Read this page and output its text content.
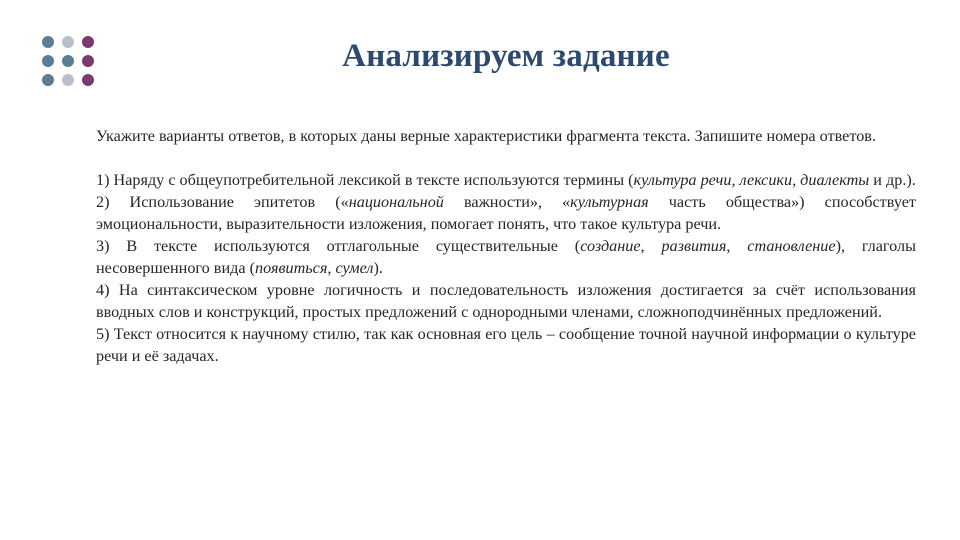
Анализируем задание

Укажите варианты ответов, в которых даны верные характеристики фрагмента текста. Запишите номера ответов.

1) Наряду с общеупотребительной лексикой в тексте используются термины (культура речи, лексики, диалекты и др.).

2) Использование эпитетов («национальной важности», «культурная часть общества») способствует эмоциональности, выразительности изложения, помогает понять, что такое культура речи.

3) В тексте используются отглагольные существительные (создание, развития, становление), глаголы несовершенного вида (появиться, сумел).

4) На синтаксическом уровне логичность и последовательность изложения достигается за счёт использования вводных слов и конструкций, простых предложений с однородными членами, сложноподчинённых предложений.

5) Текст относится к научному стилю, так как основная его цель – сообщение точной научной информации о культуре речи и её задачах.
